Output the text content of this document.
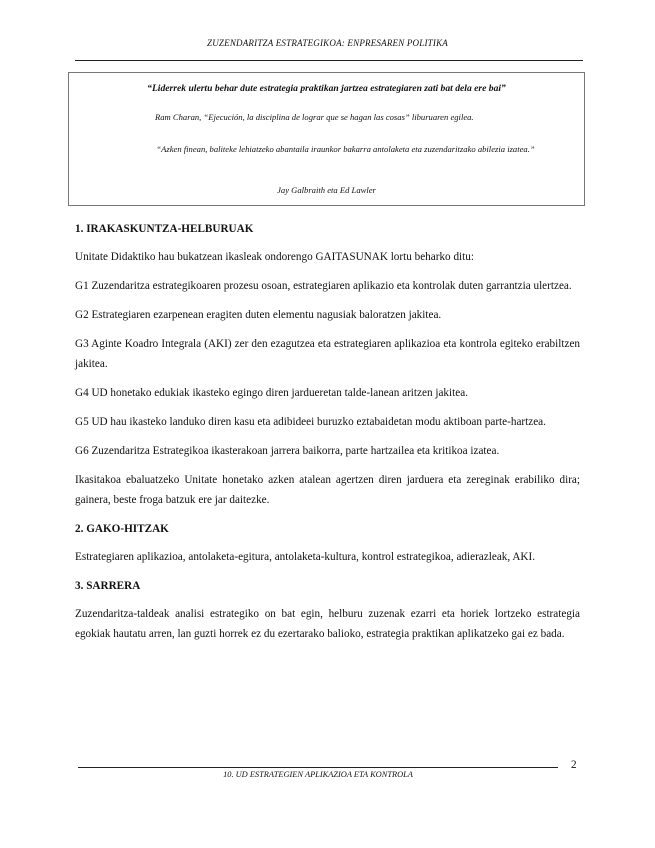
ZUZENDARITZA ESTRATEGIKOA: ENPRESAREN POLITIKA
“Liderrek ulertu behar dute estrategia praktikan jartzea estrategiaren zati bat dela ere bai”
Ram Charan, “Ejecución, la disciplina de lograr que se hagan las cosas” liburuaren egilea.
“Azken finean, baliteke lehiatzeko abantaila iraunkor bakarra antolaketa eta zuzendaritzako abilezia izatea.”
Jay Galbraith eta Ed Lawler
1. IRAKASKUNTZA-HELBURUAK

Unitate Didaktiko hau bukatzean ikasleak ondorengo GAITASUNAK lortu beharko ditu:

G1 Zuzendaritza estrategikoaren prozesu osoan, estrategiaren aplikazio eta kontrolak duten garrantzia ulertzea.

G2 Estrategiaren ezarpenean eragiten duten elementu nagusiak baloratzen jakitea.

G3 Aginte Koadro Integrala (AKI) zer den ezagutzea eta estrategiaren aplikazioa eta kontrola egiteko erabiltzen jakitea.

G4 UD honetako edukiak ikasteko egingo diren jardueretan talde-lanean aritzen jakitea.

G5 UD hau ikasteko landuko diren kasu eta adibideei buruzko eztabaidetan modu aktiboan parte-hartzea.

G6 Zuzendaritza Estrategikoa ikasterakoan jarrera baikorra, parte hartzailea eta kritikoa izatea.

Ikasitakoa ebaluatzeko Unitate honetako azken atalean agertzen diren jarduera eta zereginak erabiliko dira; gainera, beste froga batzuk ere jar daitezke.

2. GAKO-HITZAK

Estrategiaren aplikazioa, antolaketa-egitura, antolaketa-kultura, kontrol estrategikoa, adierazleak, AKI.

3. SARRERA

Zuzendaritza-taldeak analisi estrategiko on bat egin, helburu zuzenak ezarri eta horiek lortzeko estrategia egokiak hautatu arren, lan guzti horrek ez du ezertarako balioko, estrategia praktikan aplikatzeko gai ez bada.

10. UD ESTRATEGIEN APLIKAZIOA ETA KONTROLA
2
